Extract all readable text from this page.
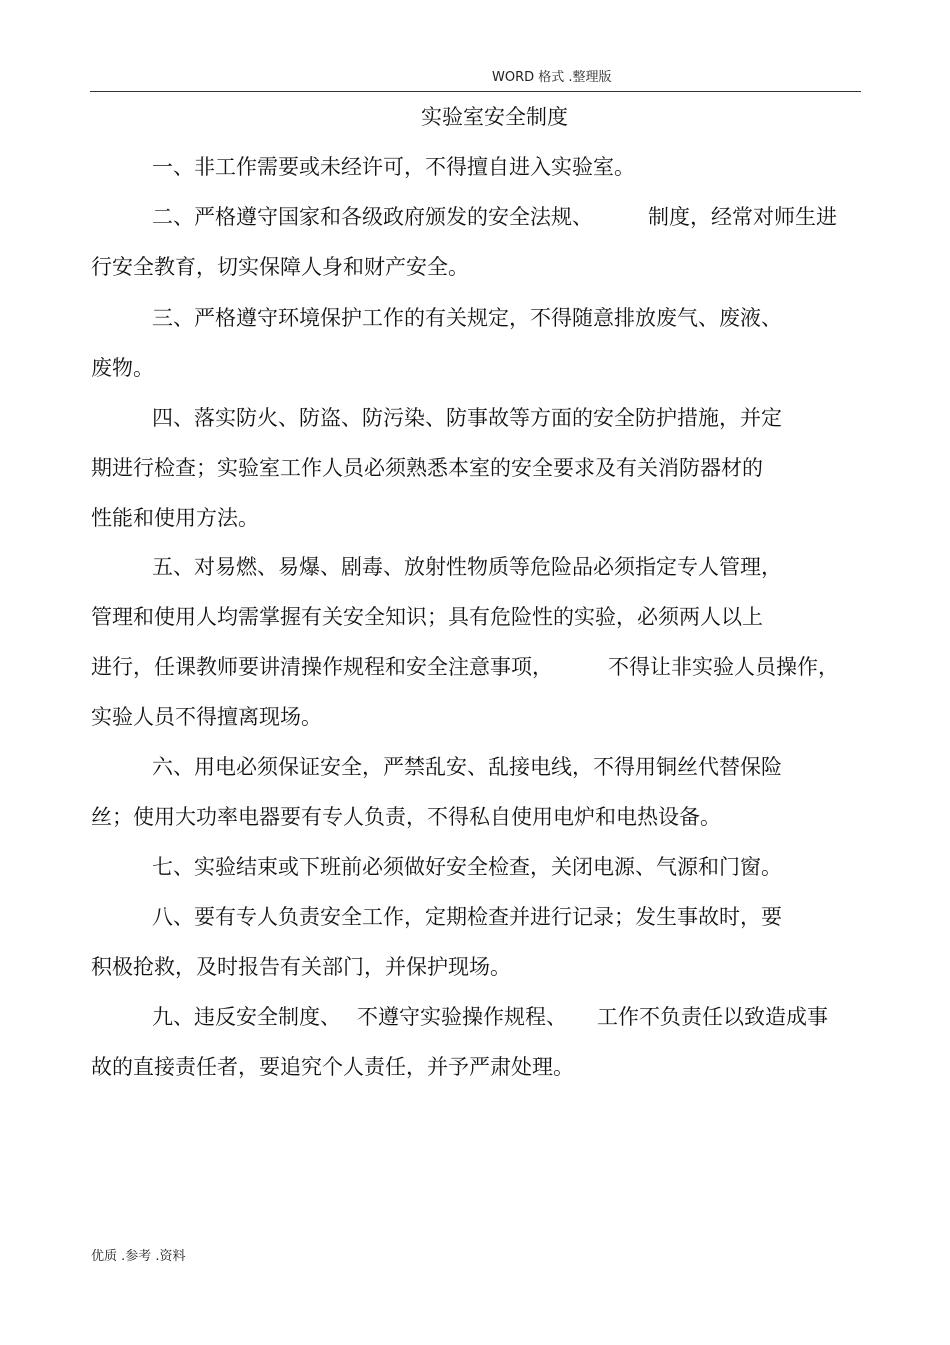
WORD 格式 .整理版
实验室安全制度
一、非工作需要或未经许可，不得擅自进入实验室。
二、严格遵守国家和各级政府颁发的安全法规、	制度，经常对师生进
行安全教育，切实保障人身和财产安全。
三、严格遵守环境保护工作的有关规定，不得随意排放废气、废液、
废物。
四、落实防火、防盗、防污染、防事故等方面的安全防护措施，并定
期进行检查；实验室工作人员必须熟悉本室的安全要求及有关消防器材的
性能和使用方法。
五、对易燃、易爆、剧毒、放射性物质等危险品必须指定专人管理，
管理和使用人均需掌握有关安全知识；具有危险性的实验，必须两人以上
进行，任课教师要讲清操作规程和安全注意事项，	不得让非实验人员操作，
实验人员不得擅离现场。
六、用电必须保证安全，严禁乱安、乱接电线，不得用铜丝代替保险
丝；使用大功率电器要有专人负责，不得私自使用电炉和电热设备。
七、实验结束或下班前必须做好安全检查，关闭电源、气源和门窗。
八、要有专人负责安全工作，定期检查并进行记录；发生事故时，要
积极抢救，及时报告有关部门，并保护现场。
九、违反安全制度、 不遵守实验操作规程、 工作不负责任以致造成事
故的直接责任者，要追究个人责任，并予严肃处理。
优质 .参考 .资料
